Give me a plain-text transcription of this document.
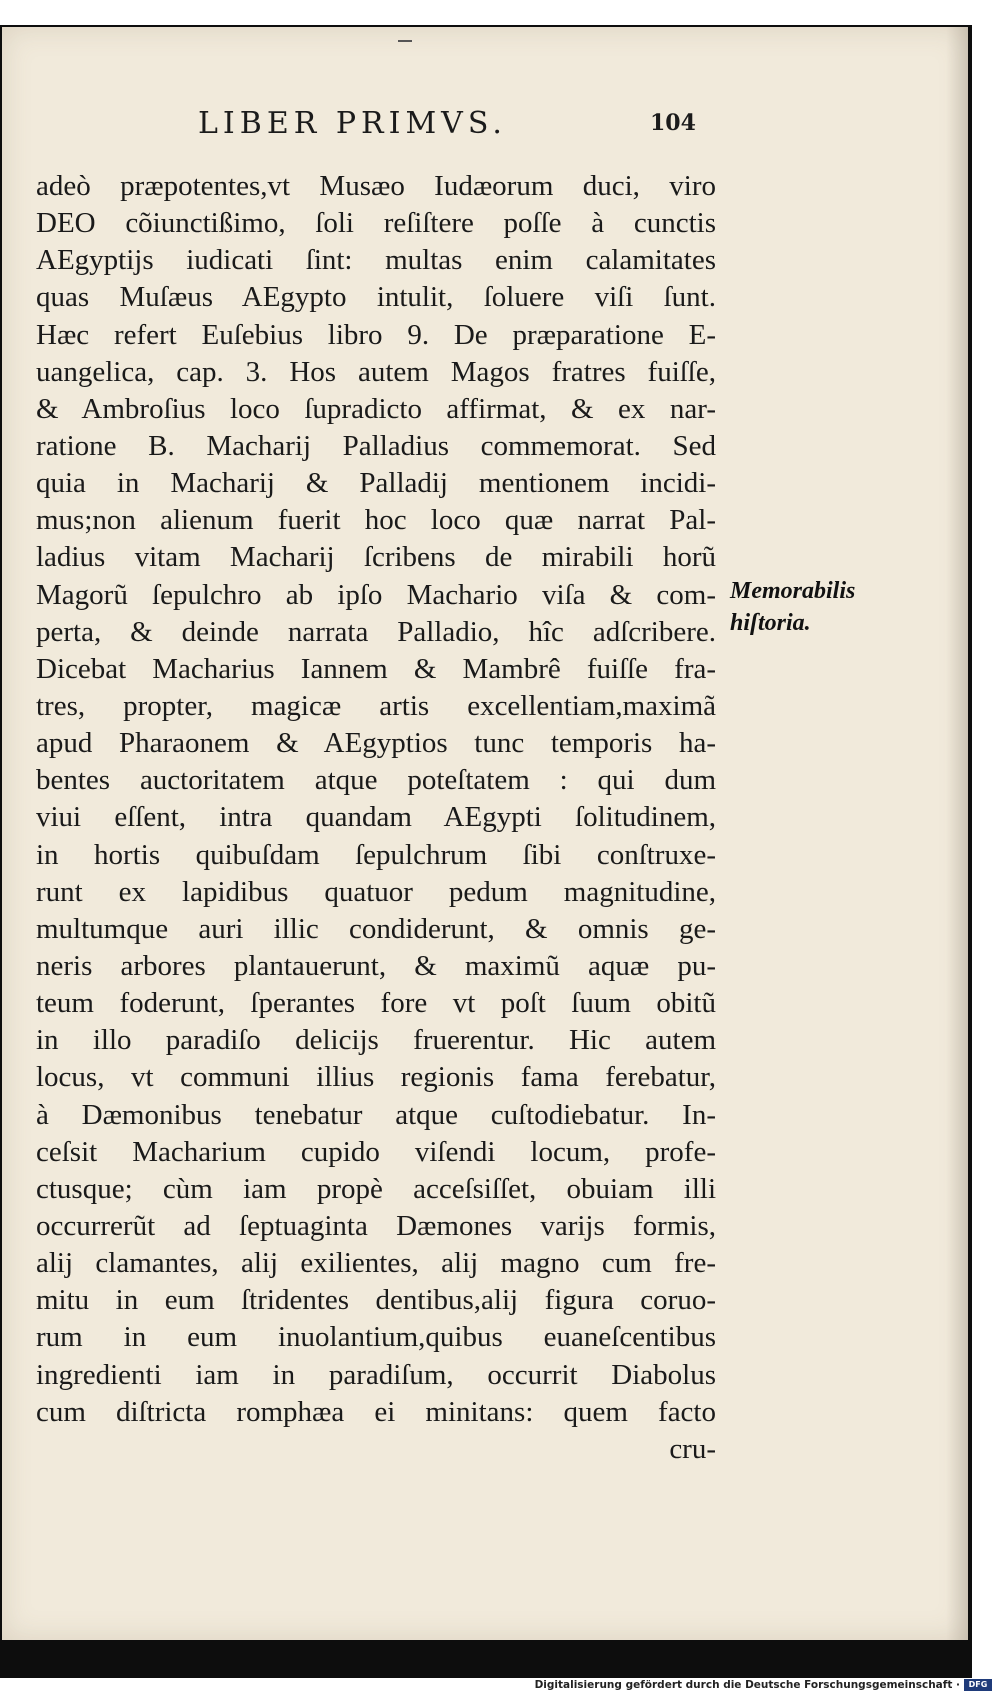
LIBER PRIMVS.	104
adeò præpotentes,vt Musæo Iudæorum duci, viro
DEO cõiunctißimo, ſoli reſiſtere poſſe à cunctis
AEgyptijs iudicati ſint: multas enim calamitates
quas Muſæus AEgypto intulit, ſoluere viſi ſunt.
Hæc refert Euſebius libro 9. De præparatione E-
uangelica, cap. 3. Hos autem Magos fratres fuiſſe,
& Ambroſius loco ſupradicto affirmat, & ex nar-
ratione B. Macharij Palladius commemorat. Sed
quia in Macharij & Palladij mentionem incidi-
mus;non alienum fuerit hoc loco quæ narrat Pal-
ladius vitam Macharij ſcribens de mirabili horũ
Magorũ ſepulchro ab ipſo Machario viſa & com-
perta, & deinde narrata Palladio, hîc adſcribere.
Dicebat Macharius Iannem & Mambrê fuiſſe fra-
tres, propter, magicæ artis excellentiam,maximã
apud Pharaonem & AEgyptios tunc temporis ha-
bentes auctoritatem atque poteſtatem : qui dum
viui eſſent, intra quandam AEgypti ſolitudinem,
in hortis quibuſdam ſepulchrum ſibi conſtruxe-
runt ex lapidibus quatuor pedum magnitudine,
multumque auri illic condiderunt, & omnis ge-
neris arbores plantauerunt, & maximũ aquæ pu-
teum foderunt, ſperantes fore vt poſt ſuum obitũ
in illo paradiſo delicijs fruerentur. Hic autem
locus, vt communi illius regionis fama ferebatur,
à Dæmonibus tenebatur atque cuſtodiebatur. In-
ceſsit Macharium cupido viſendi locum, profe-
ctusque; cùm iam propè acceſsiſſet, obuiam illi
occurrerũt ad ſeptuaginta Dæmones varijs formis,
alij clamantes, alij exilientes, alij magno cum fre-
mitu in eum ſtridentes dentibus,alij figura coruo-
rum in eum inuolantium,quibus euaneſcentibus
ingredienti iam in paradiſum, occurrit Diabolus
cum diſtricta romphæa ei minitans: quem facto
cru-
Memorabilis
hiſtoria.
Digitalisierung gefördert durch die Deutsche Forschungsgemeinschaft ·	DFG
